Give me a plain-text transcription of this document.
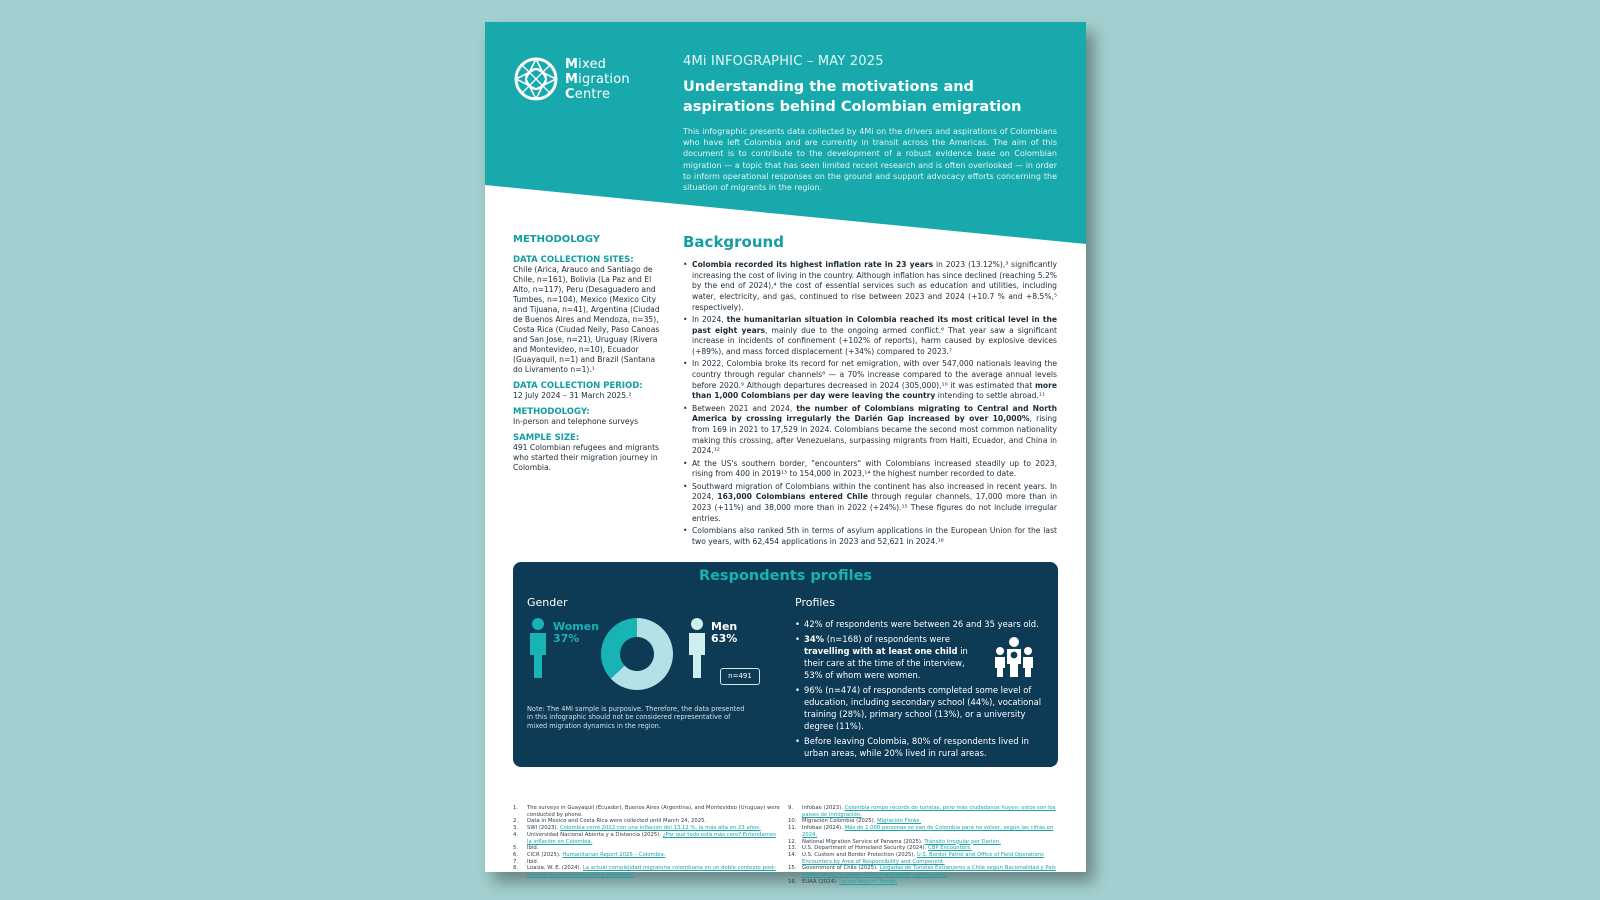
Mixed
Migration
Centre
4Mi INFOGRAPHIC – MAY 2025
Understanding the motivations and aspirations behind Colombian emigration

This infographic presents data collected by 4Mi on the drivers and aspirations of Colombians who have left Colombia and are currently in transit across the Americas. The aim of this document is to contribute to the development of a robust evidence base on Colombian migration — a topic that has seen limited recent research and is often overlooked — in order to inform operational responses on the ground and support advocacy efforts concerning the situation of migrants in the region.

METHODOLOGY
DATA COLLECTION SITES:

Chile (Arica, Arauco and Santiago de Chile, n=161), Bolivia (La Paz and El Alto, n=117), Peru (Desaguadero and Tumbes, n=104), Mexico (Mexico City and Tijuana, n=41), Argentina (Ciudad de Buenos Aires and Mendoza, n=35), Costa Rica (Ciudad Neily, Paso Canoas and San Jose, n=21), Uruguay (Rivera and Montevideo, n=10), Ecuador (Guayaquil, n=1) and Brazil (Santana do Livramento n=1).¹

DATA COLLECTION PERIOD:

12 July 2024 – 31 March 2025.²

METHODOLOGY:

In-person and telephone surveys

SAMPLE SIZE:

491 Colombian refugees and migrants who started their migration journey in Colombia.

Background
• Colombia recorded its highest inflation rate in 23 years in 2023 (13.12%),³ significantly increasing the cost of living in the country. Although inflation has since declined (reaching 5.2% by the end of 2024),⁴ the cost of essential services such as education and utilities, including water, electricity, and gas, continued to rise between 2023 and 2024 (+10.7 % and +8.5%,⁵ respectively).
• In 2024, the humanitarian situation in Colombia reached its most critical level in the past eight years, mainly due to the ongoing armed conflict.⁶ That year saw a significant increase in incidents of confinement (+102% of reports), harm caused by explosive devices (+89%), and mass forced displacement (+34%) compared to 2023.⁷
• In 2022, Colombia broke its record for net emigration, with over 547,000 nationals leaving the country through regular channels⁸ — a 70% increase compared to the average annual levels before 2020.⁹ Although departures decreased in 2024 (305,000),¹⁰ it was estimated that more than 1,000 Colombians per day were leaving the country intending to settle abroad.¹¹
• Between 2021 and 2024, the number of Colombians migrating to Central and North America by crossing irregularly the Darién Gap increased by over 10,000%, rising from 169 in 2021 to 17,529 in 2024. Colombians became the second most common nationality making this crossing, after Venezuelans, surpassing migrants from Haiti, Ecuador, and China in 2024.¹²
• At the US's southern border, "encounters" with Colombians increased steadily up to 2023, rising from 400 in 2019¹³ to 154,000 in 2023,¹⁴ the highest number recorded to date.
• Southward migration of Colombians within the continent has also increased in recent years. In 2024, 163,000 Colombians entered Chile through regular channels, 17,000 more than in 2023 (+11%) and 38,000 more than in 2022 (+24%).¹⁵ These figures do not include irregular entries.
• Colombians also ranked 5th in terms of asylum applications in the European Union for the last two years, with 62,454 applications in 2023 and 52,621 in 2024.¹⁶
Respondents profiles
Gender
Women
37%
Men
63%
n=491

Note: The 4Mi sample is purposive. Therefore, the data presented in this infographic should not be considered representative of mixed migration dynamics in the region.

Profiles
• 42% of respondents were between 26 and 35 years old.
• 34% (n=168) of respondents were travelling with at least one child in their care at the time of the interview, 53% of whom were women.
• 96% (n=474) of respondents completed some level of education, including secondary school (44%), vocational training (28%), primary school (13%), or a university degree (11%).
• Before leaving Colombia, 80% of respondents lived in urban areas, while 20% lived in rural areas.
1. The surveys in Guayaquil (Ecuador), Buenos Aires (Argentina), and Montevideo (Uruguay) were conducted by phone.
2. Data in Mexico and Costa Rica were collected until March 24, 2025.
3. SWI (2023). Colombia cerró 2022 con una inflación del 13,12 %, la más alta en 23 años.
4. Universidad Nacional Abierta y a Distancia (2025). ¿Por qué todo está más caro? Entendamos la inflación en Colombia.
5. Ibid.
6. CICR (2025). Humanitarian Report 2025 – Colombia.
7. Ibid.
8. Loaiza, W. E. (2024). La actual complejidad migratoria colombiana en un doble contexto post-acuerdo y post-Covid: retos y aperturas.
9. Infobae (2023). Colombia rompe récords de turistas, pero más ciudadanos huyen: estos son los países de inmigración.
10. Migración Colombia (2025). Migración Flows.
11. Infobae (2024). Más de 1.000 personas se van de Colombia para no volver, según las cifras en 2024.
12. National Migration Service of Panama (2025). Tránsito Irregular por Darién.
13. U.S. Department of Homeland Security (2024). CBP Encounters.
14. U.S. Custom and Border Protection (2025). U.S. Border Patrol and Office of Field Operations Encounters by Area of Responsibility and Component.
15. Government of Chile (2025). Llegadas de Turistas Extranjeros a Chile según Nacionalidad y País Proveniencia, llegadas Entre enero 2008 – enero 2025.
16. EUAA (2024). Latest Asylum Trends.
